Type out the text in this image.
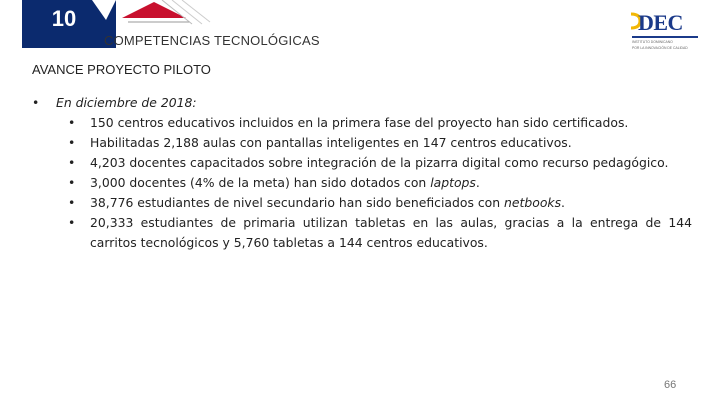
10
COMPETENCIAS TECNOLÓGICAS
DEC
INSTITUTO DOMINICANO
POR LA INNOVACIÓN DE CALIDAD
AVANCE PROYECTO PILOTO
• En diciembre de 2018:
• 150 centros educativos incluidos en la primera fase del proyecto han sido certificados.
• Habilitadas 2,188 aulas con pantallas inteligentes en 147 centros educativos.
• 4,203 docentes capacitados sobre integración de la pizarra digital como recurso pedagógico.
• 3,000 docentes (4% de la meta) han sido dotados con laptops.
• 38,776 estudiantes de nivel secundario han sido beneficiados con netbooks.
• 20,333 estudiantes de primaria utilizan tabletas en las aulas, gracias a la entrega de 144 carritos tecnológicos y 5,760 tabletas a 144 centros educativos.
66
